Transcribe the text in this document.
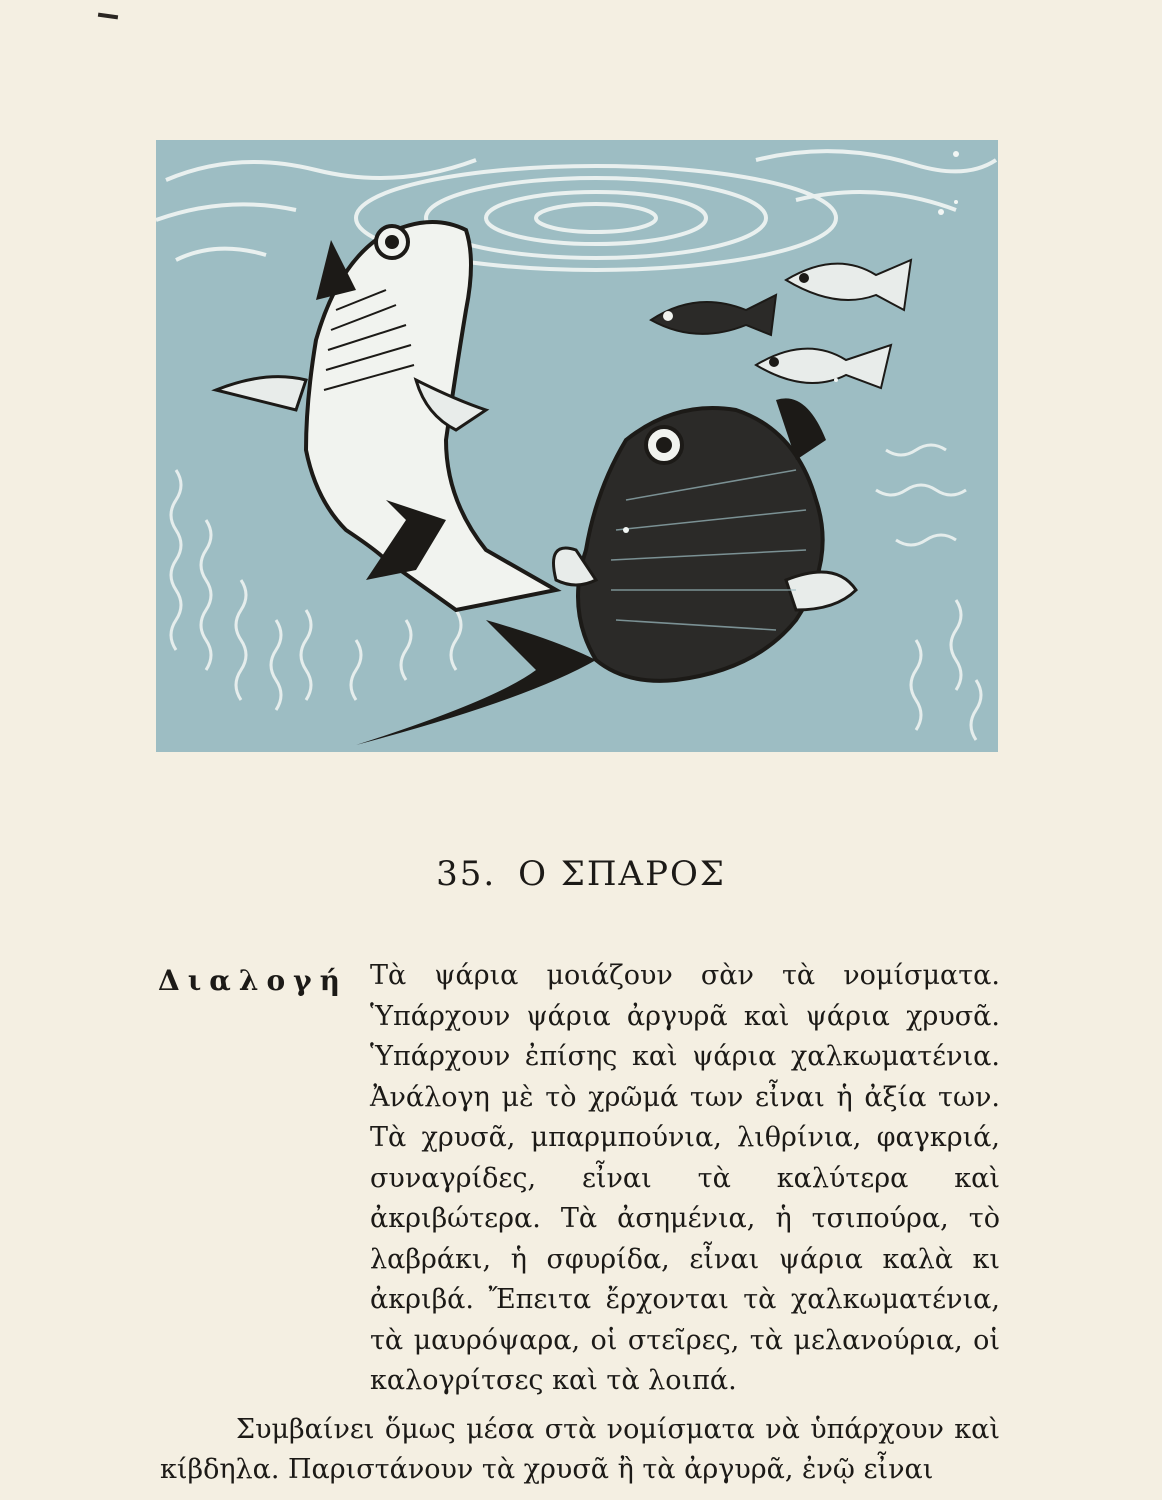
35. Ο ΣΠΑΡΟΣ
Διαλογή Τὰ ψάρια μοιάζουν σὰν τὰ νομίσματα. Ὑπάρχουν ψάρια ἀργυρᾶ καὶ ψάρια χρυσᾶ. Ὑπάρχουν ἐπίσης καὶ ψάρια χαλκωματένια. Ἀνάλογη μὲ τὸ χρῶμά των εἶναι ἡ ἀξία των. Τὰ χρυσᾶ, μπαρμπούνια, λιθρίνια, φαγκριά, συναγρίδες, εἶναι τὰ καλύτερα καὶ ἀκριβώτερα. Τὰ ἀσημένια, ἡ τσιπούρα, τὸ λαβράκι, ἡ σφυρίδα, εἶναι ψάρια καλὰ κι ἀκριβά. Ἔπειτα ἔρχονται τὰ χαλκωματένια, τὰ μαυρόψαρα, οἱ στεῖρες, τὰ μελανούρια, οἱ καλογρίτσες καὶ τὰ λοιπά.

Συμβαίνει ὅμως μέσα στὰ νομίσματα νὰ ὑπάρχουν καὶ κίβδηλα. Παριστάνουν τὰ χρυσᾶ ἢ τὰ ἀργυρᾶ, ἐνῷ εἶναι
